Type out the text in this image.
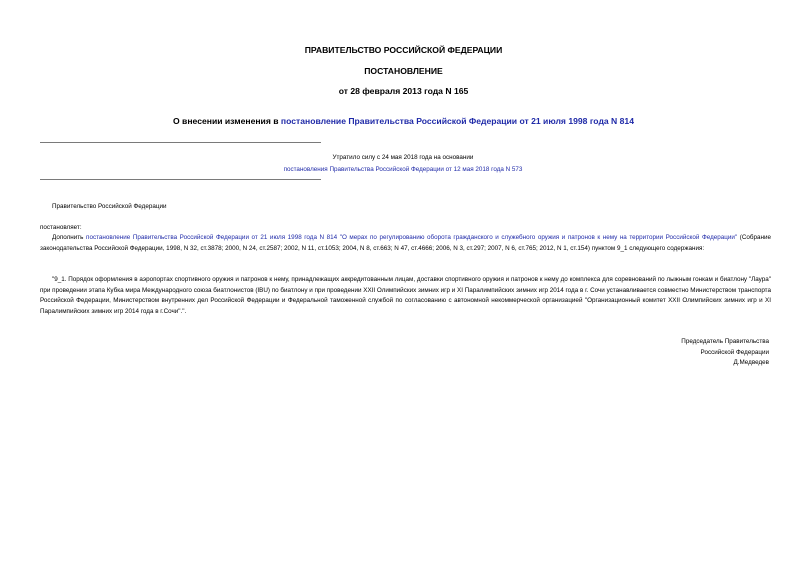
ПРАВИТЕЛЬСТВО РОССИЙСКОЙ ФЕДЕРАЦИИ
ПОСТАНОВЛЕНИЕ
от 28 февраля 2013 года N 165
О внесении изменения в постановление Правительства Российской Федерации от 21 июля 1998 года N 814
Утратило силу с 24 мая 2018 года на основании
постановления Правительства Российской Федерации от 12 мая 2018 года N 573
Правительство Российской Федерации
постановляет:
Дополнить постановление Правительства Российской Федерации от 21 июля 1998 года N 814 "О мерах по регулированию оборота гражданского и служебного оружия и патронов к нему на территории Российской Федерации" (Собрание законодательства Российской Федерации, 1998, N 32, ст.3878; 2000, N 24, ст.2587; 2002, N 11, ст.1053; 2004, N 8, ст.663; N 47, ст.4666; 2006, N 3, ст.297; 2007, N 6, ст.765; 2012, N 1, ст.154) пунктом 9_1 следующего содержания:
"9_1. Порядок оформления в аэропортах спортивного оружия и патронов к нему, принадлежащих аккредитованным лицам, доставки спортивного оружия и патронов к нему до комплекса для соревнований по лыжным гонкам и биатлону "Лаура" при проведении этапа Кубка мира Международного союза биатлонистов (IBU) по биатлону и при проведении XXII Олимпийских зимних игр и XI Паралимпийских зимних игр 2014 года в г. Сочи устанавливается совместно Министерством транспорта Российской Федерации, Министерством внутренних дел Российской Федерации и Федеральной таможенной службой по согласованию с автономной некоммерческой организацией "Организационный комитет XXII Олимпийских зимних игр и XI Паралимпийских зимних игр 2014 года в г.Сочи".".
Председатель Правительства
Российской Федерации
Д.Медведев
